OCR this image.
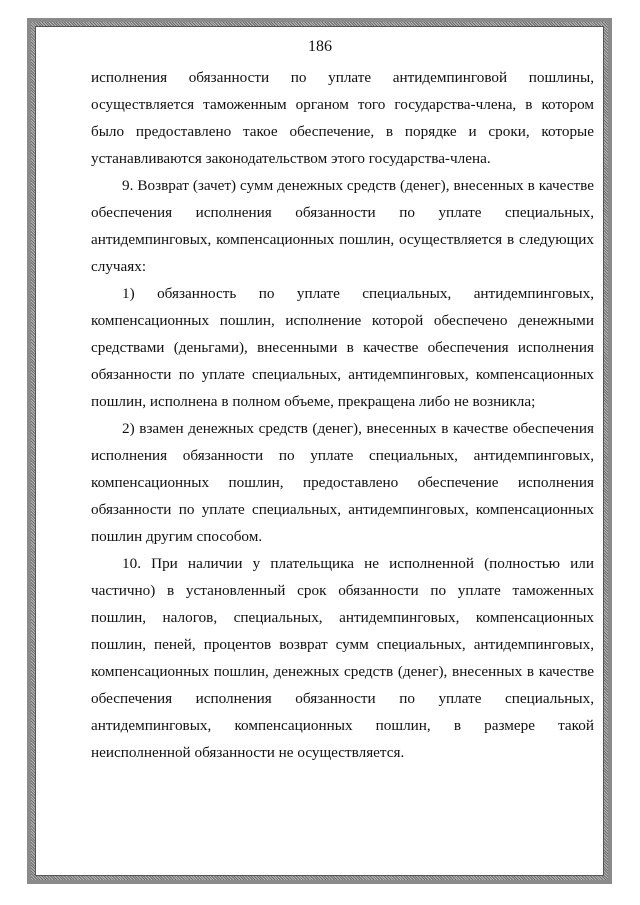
186

исполнения обязанности по уплате антидемпинговой пошлины, осуществляется таможенным органом того государства-члена, в котором было предоставлено такое обеспечение, в порядке и сроки, которые устанавливаются законодательством этого государства-члена.

9. Возврат (зачет) сумм денежных средств (денег), внесенных в качестве обеспечения исполнения обязанности по уплате специальных, антидемпинговых, компенсационных пошлин, осуществляется в следующих случаях:

1) обязанность по уплате специальных, антидемпинговых, компенсационных пошлин, исполнение которой обеспечено денежными средствами (деньгами), внесенными в качестве обеспечения исполнения обязанности по уплате специальных, антидемпинговых, компенсационных пошлин, исполнена в полном объеме, прекращена либо не возникла;

2) взамен денежных средств (денег), внесенных в качестве обеспечения исполнения обязанности по уплате специальных, антидемпинговых, компенсационных пошлин, предоставлено обеспечение исполнения обязанности по уплате специальных, антидемпинговых, компенсационных пошлин другим способом.

10. При наличии у плательщика не исполненной (полностью или частично) в установленный срок обязанности по уплате таможенных пошлин, налогов, специальных, антидемпинговых, компенсационных пошлин, пеней, процентов возврат сумм специальных, антидемпинговых, компенсационных пошлин, денежных средств (денег), внесенных в качестве обеспечения исполнения обязанности по уплате специальных, антидемпинговых, компенсационных пошлин, в размере такой неисполненной обязанности не осуществляется.
